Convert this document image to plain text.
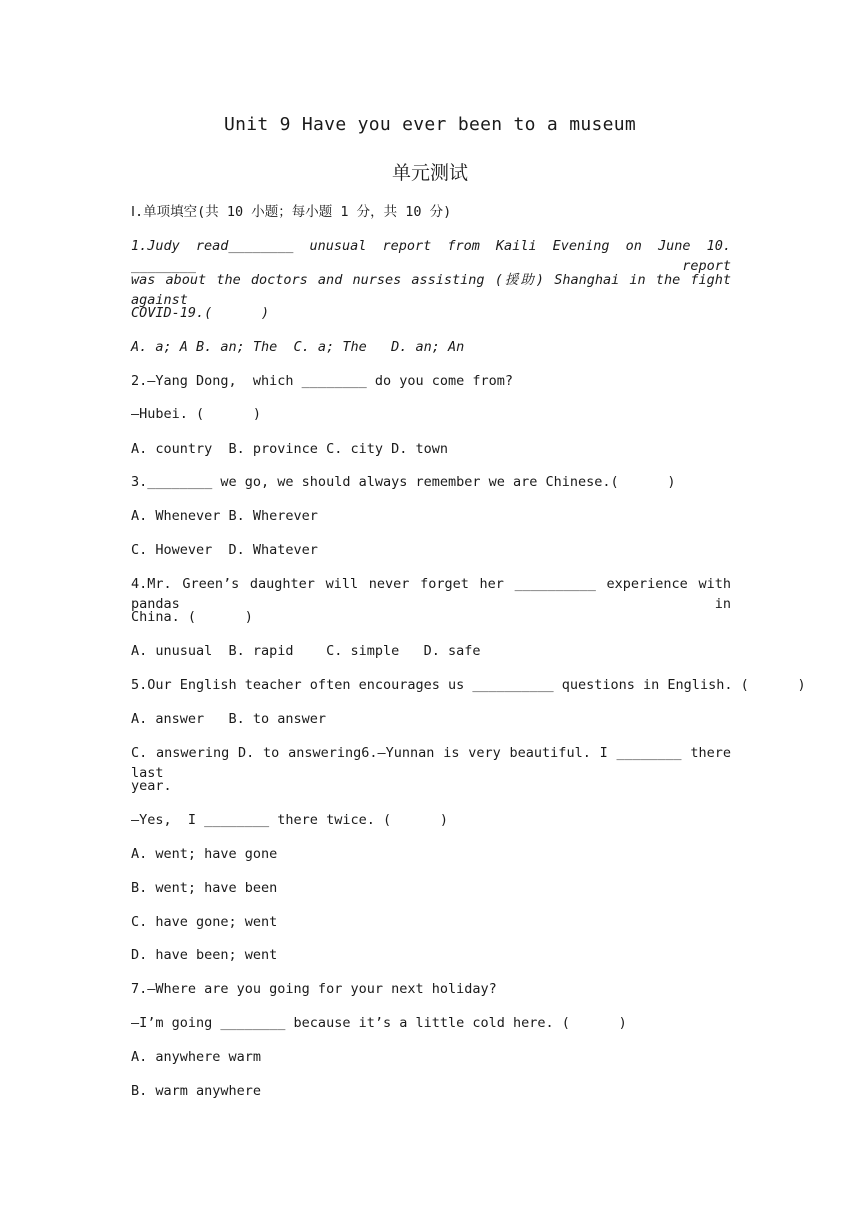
Unit 9 Have you ever been to a museum
单元测试
Ⅰ.单项填空(共 10 小题；每小题 1 分，共 10 分)
1.Judy read________ unusual report from Kaili Evening on June 10. ________ report
was about the doctors and nurses assisting (援助) Shanghai in the fight against
COVID-19.(      )
A. a; A B. an; The  C. a; The   D. an; An
2.—Yang Dong,  which ________ do you come from?
—Hubei. (      )
A. country  B. province C. city D. town
3.________ we go, we should always remember we are Chinese.(      )
A. Whenever B. Wherever
C. However  D. Whatever
4.Mr. Green’s daughter will never forget her __________ experience with pandas in
China. (      )
A. unusual  B. rapid    C. simple   D. safe
5.Our English teacher often encourages us __________ questions in English. (      )
A. answer   B. to answer
C. answering D. to answering6.—Yunnan is very beautiful. I ________ there last
year.
—Yes,  I ________ there twice. (      )
A. went; have gone
B. went; have been
C. have gone; went
D. have been; went
7.—Where are you going for your next holiday?
—I’m going ________ because it’s a little cold here. (      )
A. anywhere warm
B. warm anywhere
